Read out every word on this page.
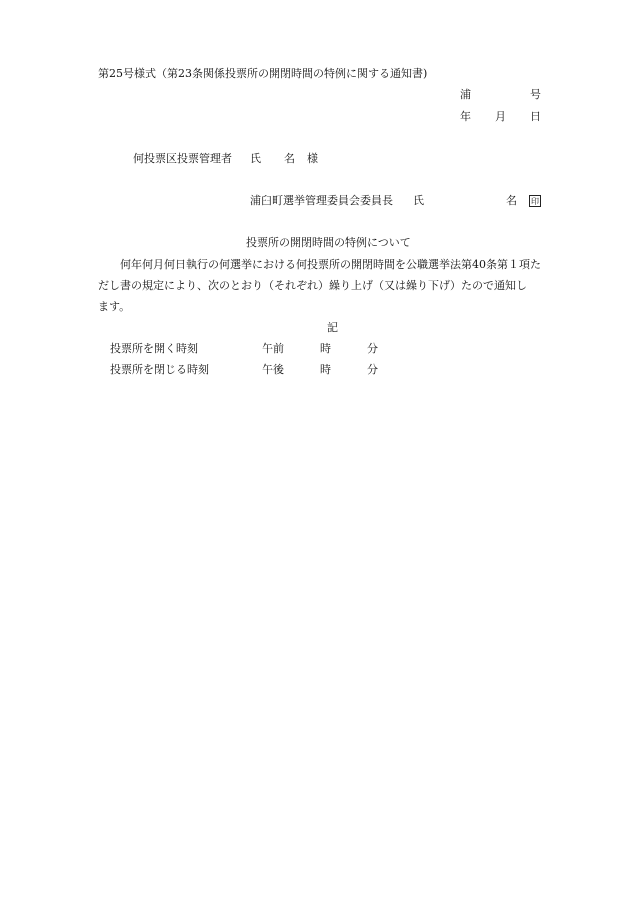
第25号様式（第23条関係投票所の開閉時間の特例に関する通知書)
浦	号
年 月 日
何投票区投票管理者 氏 名 様
浦臼町選挙管理委員会委員長 氏	名 印
投票所の開閉時間の特例について
何年何月何日執行の何選挙における何投票所の開閉時間を公職選挙法第40条第１項た
だし書の規定により、次のとおり（それぞれ）繰り上げ（又は繰り下げ）たので通知し
ます。
記
投票所を開く時刻	午前	時	分
投票所を閉じる時刻	午後	時	分
